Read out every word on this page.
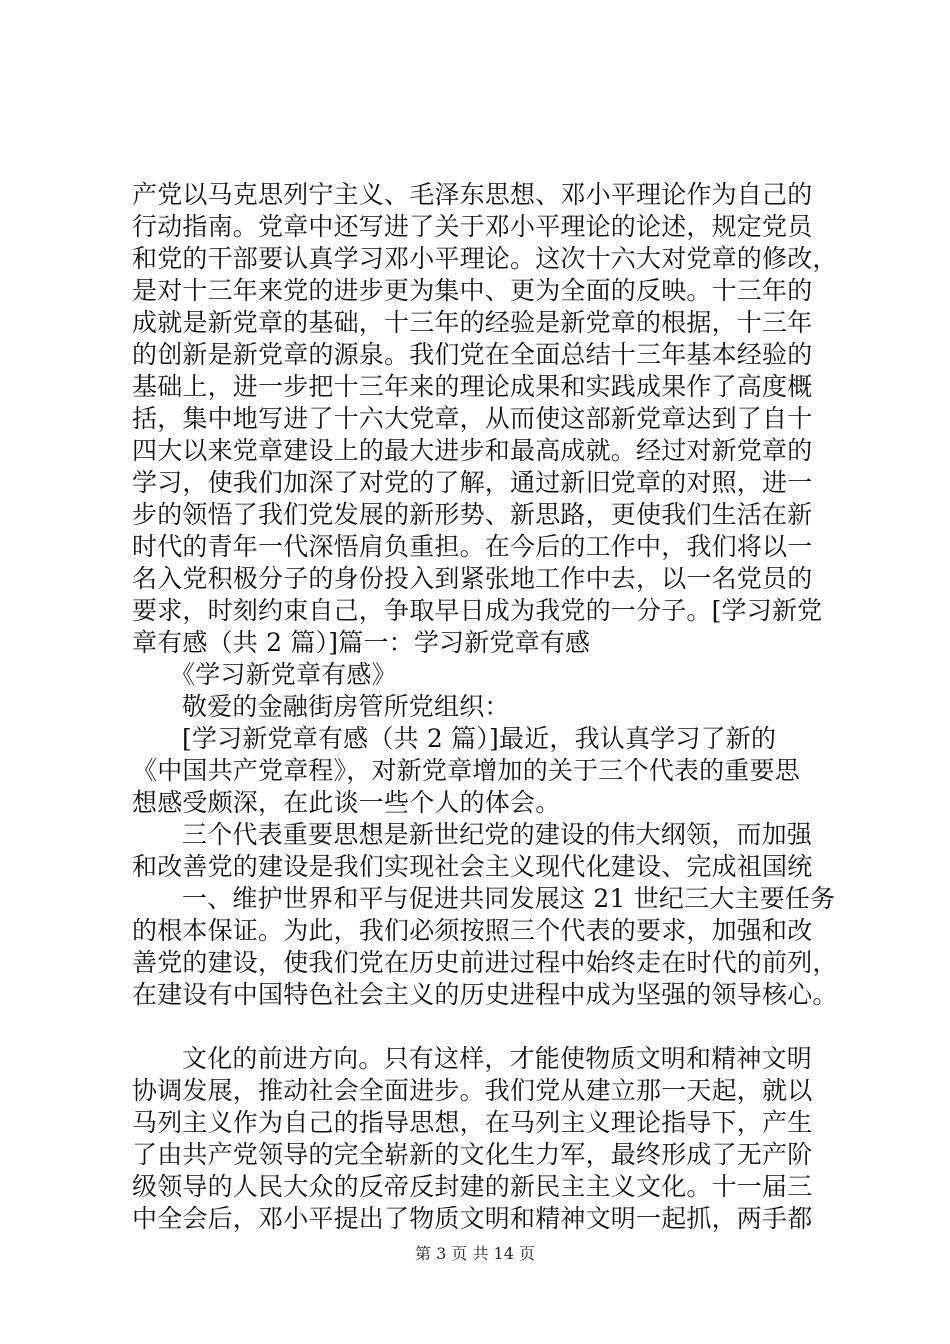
产党以马克思列宁主义、毛泽东思想、邓小平理论作为自己的
行动指南。党章中还写进了关于邓小平理论的论述，规定党员
和党的干部要认真学习邓小平理论。这次十六大对党章的修改，
是对十三年来党的进步更为集中、更为全面的反映。十三年的
成就是新党章的基础，十三年的经验是新党章的根据，十三年
的创新是新党章的源泉。我们党在全面总结十三年基本经验的
基础上，进一步把十三年来的理论成果和实践成果作了高度概
括，集中地写进了十六大党章，从而使这部新党章达到了自十
四大以来党章建设上的最大进步和最高成就。经过对新党章的
学习，使我们加深了对党的了解，通过新旧党章的对照，进一
步的领悟了我们党发展的新形势、新思路，更使我们生活在新
时代的青年一代深悟肩负重担。在今后的工作中，我们将以一
名入党积极分子的身份投入到紧张地工作中去，以一名党员的
要求，时刻约束自己，争取早日成为我党的一分子。[学习新党
章有感（共 2 篇）]篇一：学习新党章有感
《学习新党章有感》
敬爱的金融街房管所党组织：
[学习新党章有感（共 2 篇）]最近，我认真学习了新的
《中国共产党章程》，对新党章增加的关于三个代表的重要思
想感受颇深，在此谈一些个人的体会。
三个代表重要思想是新世纪党的建设的伟大纲领，而加强
和改善党的建设是我们实现社会主义现代化建设、完成祖国统
一、维护世界和平与促进共同发展这 21 世纪三大主要任务
的根本保证。为此，我们必须按照三个代表的要求，加强和改
善党的建设，使我们党在历史前进过程中始终走在时代的前列，
在建设有中国特色社会主义的历史进程中成为坚强的领导核心。
文化的前进方向。只有这样，才能使物质文明和精神文明
协调发展，推动社会全面进步。我们党从建立那一天起，就以
马列主义作为自己的指导思想，在马列主义理论指导下，产生
了由共产党领导的完全崭新的文化生力军，最终形成了无产阶
级领导的人民大众的反帝反封建的新民主主义文化。十一届三
中全会后，邓小平提出了物质文明和精神文明一起抓，两手都
第 3 页 共 14 页
